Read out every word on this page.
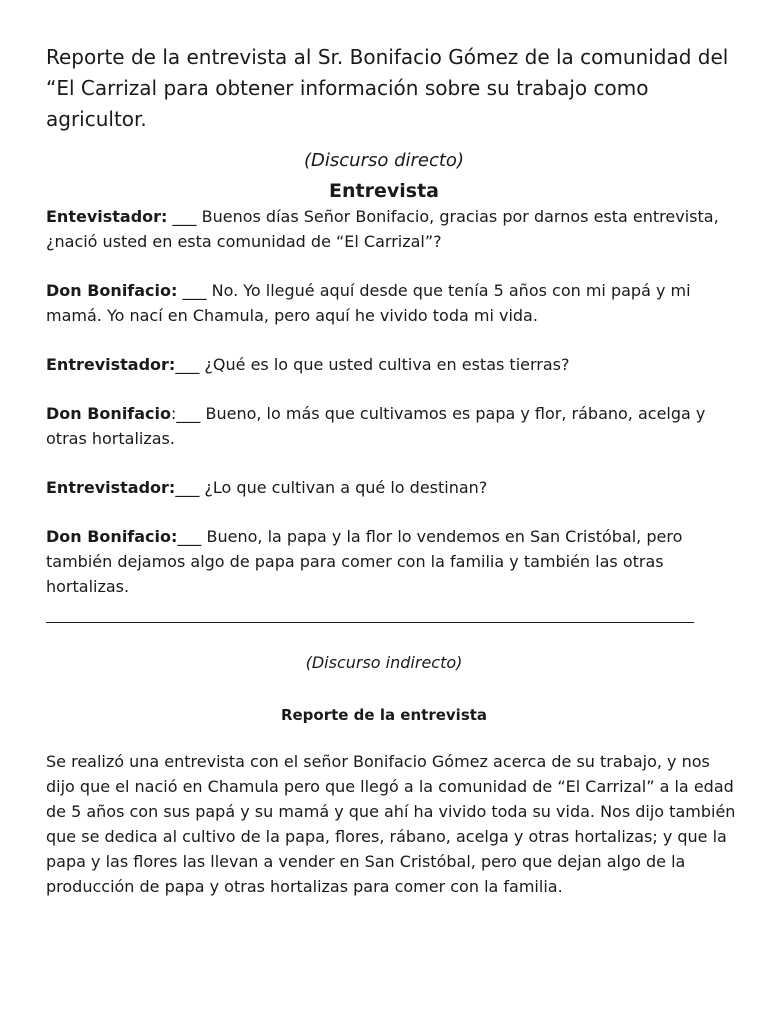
Reporte de la entrevista al Sr. Bonifacio Gómez de la comunidad del “El Carrizal para obtener información sobre su trabajo como agricultor.

(Discurso directo)

Entrevista

Entevistador: ___ Buenos días Señor Bonifacio, gracias por darnos esta entrevista, ¿nació usted en esta comunidad de “El Carrizal”?

Don Bonifacio: ___ No. Yo llegué aquí desde que tenía 5 años con mi papá y mi mamá. Yo nací en Chamula, pero aquí he vivido toda mi vida.

Entrevistador:___ ¿Qué es lo que usted cultiva en estas tierras?

Don Bonifacio:___ Bueno, lo más que cultivamos es papa y flor, rábano, acelga y otras hortalizas.

Entrevistador:___ ¿Lo que cultivan a qué lo destinan?

Don Bonifacio:___ Bueno, la papa y la flor lo vendemos en San Cristóbal, pero también dejamos algo de papa para comer con la familia y también las otras hortalizas.

(Discurso indirecto)

Reporte de la entrevista

Se realizó una entrevista con el señor Bonifacio Gómez acerca de su trabajo, y nos dijo que el nació en Chamula pero que llegó a la comunidad de “El Carrizal” a la edad de 5 años con sus papá y su mamá y que ahí ha vivido toda su vida. Nos dijo también que se dedica al cultivo de la papa, flores, rábano, acelga y otras hortalizas; y que la papa y las flores las llevan a vender en San Cristóbal, pero que dejan algo de la producción de papa y otras hortalizas para comer con la familia.
